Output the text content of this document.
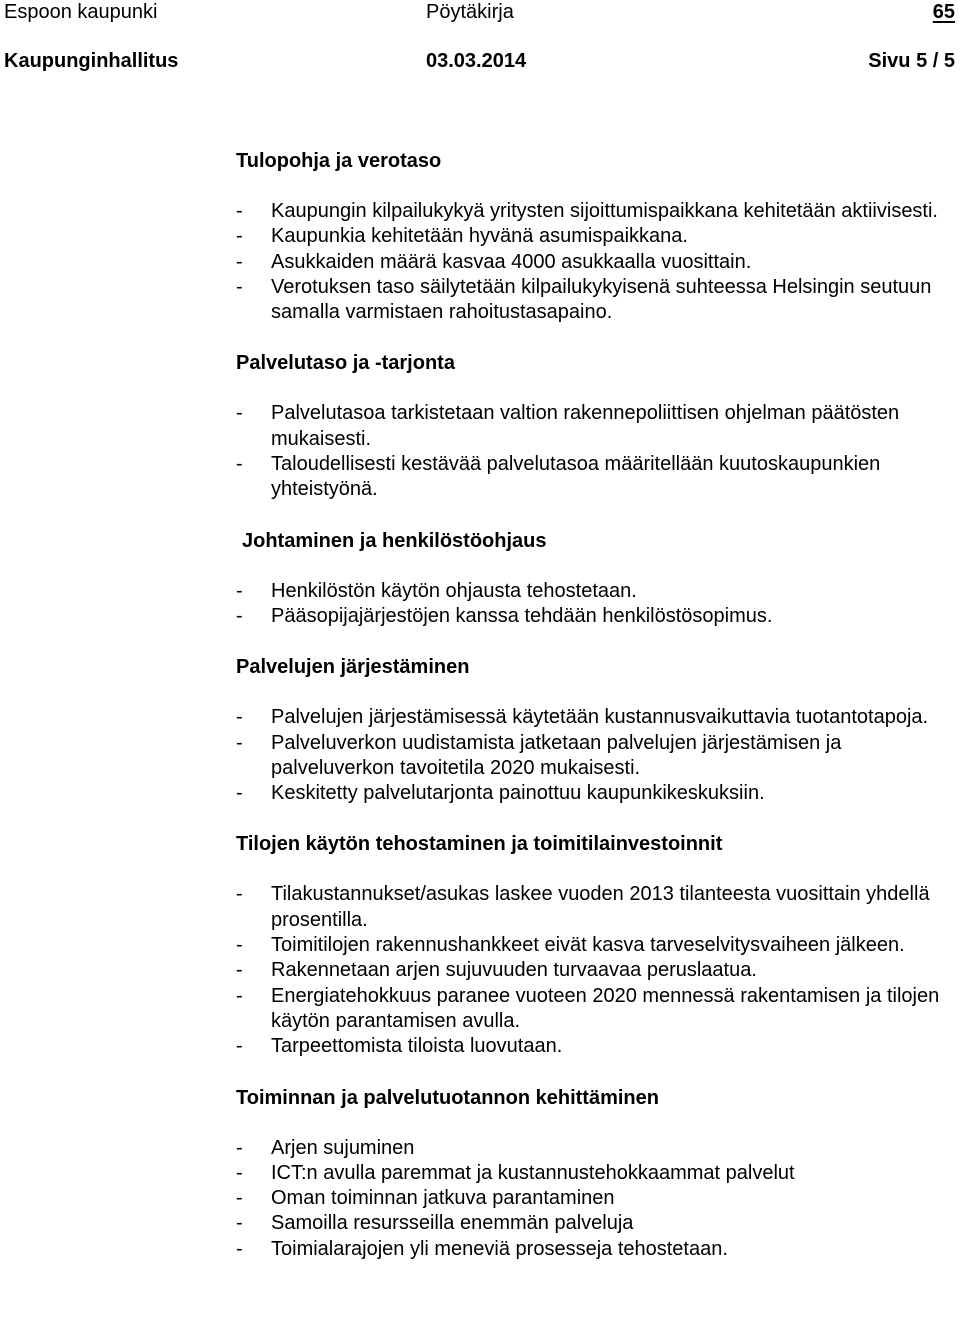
Espoon kaupunki	Pöytäkirja	65
Kaupunginhallitus	03.03.2014	Sivu 5 / 5
Tulopohja ja verotaso
- Kaupungin kilpailukykyä yritysten sijoittumispaikkana kehitetään aktiivisesti.
- Kaupunkia kehitetään hyvänä asumispaikkana.
- Asukkaiden määrä kasvaa 4000 asukkaalla vuosittain.
- Verotuksen taso säilytetään kilpailukykyisenä suhteessa Helsingin seutuun samalla varmistaen rahoitustasapaino.
Palvelutaso ja -tarjonta
- Palvelutasoa tarkistetaan valtion rakennepoliittisen ohjelman päätösten mukaisesti.
- Taloudellisesti kestävää palvelutasoa määritellään kuutoskaupunkien yhteistyönä.
Johtaminen ja henkilöstöohjaus
- Henkilöstön käytön ohjausta tehostetaan.
- Pääsopijajärjestöjen kanssa tehdään henkilöstösopimus.
Palvelujen järjestäminen
- Palvelujen järjestämisessä käytetään kustannusvaikuttavia tuotantotapoja.
- Palveluverkon uudistamista jatketaan palvelujen järjestämisen ja palveluverkon tavoitetila 2020 mukaisesti.
- Keskitetty palvelutarjonta painottuu kaupunkikeskuksiin.
Tilojen käytön tehostaminen ja toimitilainvestoinnit
- Tilakustannukset/asukas laskee vuoden 2013 tilanteesta vuosittain yhdellä prosentilla.
- Toimitilojen rakennushankkeet eivät kasva tarveselvitysvaiheen jälkeen.
- Rakennetaan arjen sujuvuuden turvaavaa peruslaatua.
- Energiatehokkuus paranee vuoteen 2020 mennessä rakentamisen ja tilojen käytön parantamisen avulla.
- Tarpeettomista tiloista luovutaan.
Toiminnan ja palvelutuotannon kehittäminen
- Arjen sujuminen
- ICT:n avulla paremmat ja kustannustehokkaammat palvelut
- Oman toiminnan jatkuva parantaminen
- Samoilla resursseilla enemmän palveluja
- Toimialarajojen yli meneviä prosesseja tehostetaan.
